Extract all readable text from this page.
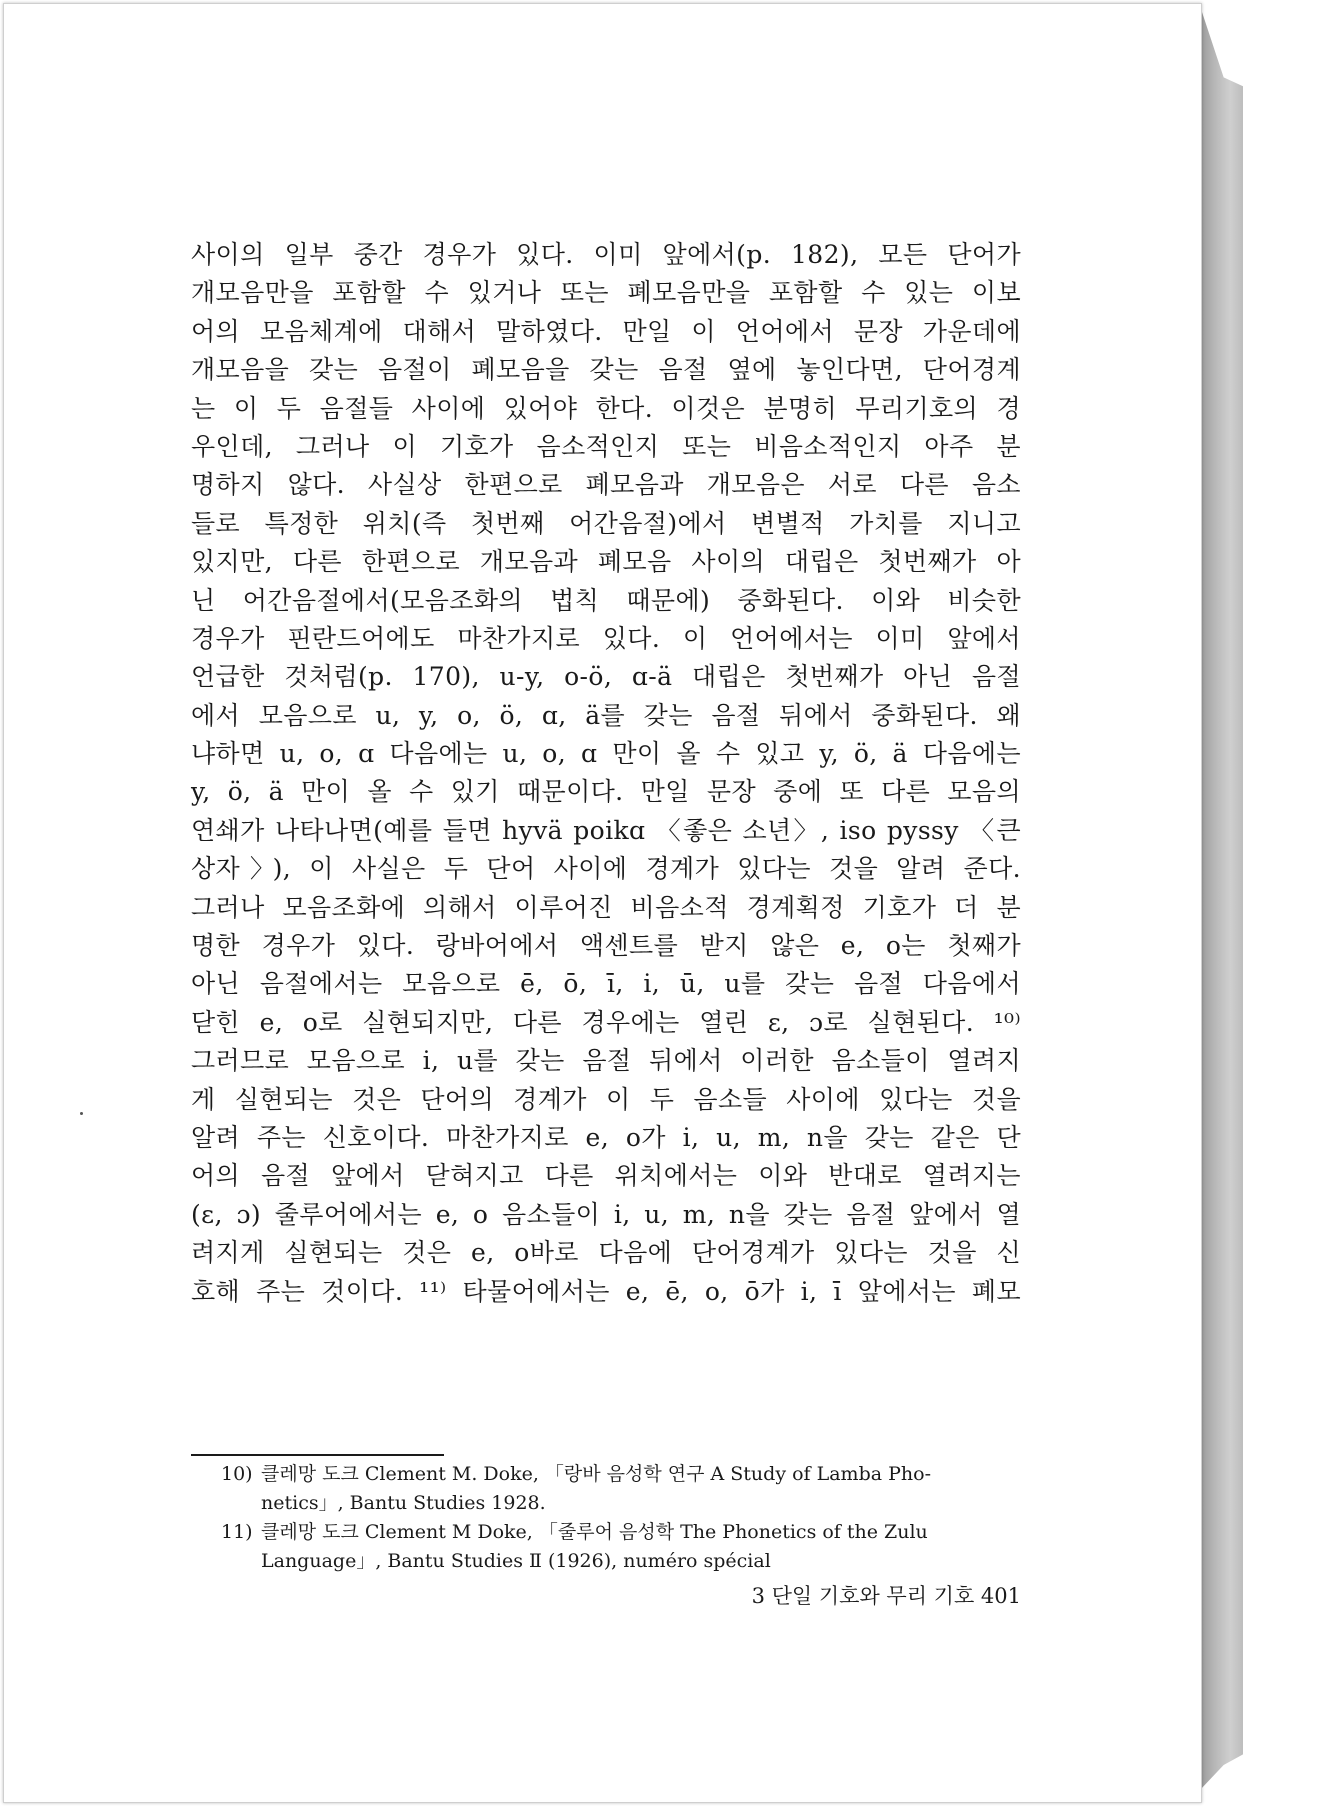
사이의 일부 중간 경우가 있다. 이미 앞에서(p. 182), 모든 단어가
개모음만을 포함할 수 있거나 또는 폐모음만을 포함할 수 있는 이보
어의 모음체계에 대해서 말하였다. 만일 이 언어에서 문장 가운데에
개모음을 갖는 음절이 폐모음을 갖는 음절 옆에 놓인다면, 단어경계
는 이 두 음절들 사이에 있어야 한다. 이것은 분명히 무리기호의 경
우인데, 그러나 이 기호가 음소적인지 또는 비음소적인지 아주 분
명하지 않다. 사실상 한편으로 폐모음과 개모음은 서로 다른 음소
들로 특정한 위치(즉 첫번째 어간음절)에서 변별적 가치를 지니고
있지만, 다른 한편으로 개모음과 폐모음 사이의 대립은 첫번째가 아
닌 어간음절에서(모음조화의 법칙 때문에) 중화된다. 이와 비슷한
경우가 핀란드어에도 마찬가지로 있다. 이 언어에서는 이미 앞에서
언급한 것처럼(p. 170), u-y, o-ö, ɑ-ä 대립은 첫번째가 아닌 음절
에서 모음으로 u, y, o, ö, ɑ, ä를 갖는 음절 뒤에서 중화된다. 왜
냐하면 u, o, ɑ 다음에는 u, o, ɑ 만이 올 수 있고 y, ö, ä 다음에는
y, ö, ä 만이 올 수 있기 때문이다. 만일 문장 중에 또 다른 모음의
연쇄가 나타나면(예를 들면 hyvä poikɑ 〈좋은 소년〉, iso pyssy 〈큰
상자〉), 이 사실은 두 단어 사이에 경계가 있다는 것을 알려 준다.
그러나 모음조화에 의해서 이루어진 비음소적 경계획정 기호가 더 분
명한 경우가 있다. 랑바어에서 액센트를 받지 않은 e, o는 첫째가
아닌 음절에서는 모음으로 ē, ō, ī, i, ū, u를 갖는 음절 다음에서
닫힌 e, o로 실현되지만, 다른 경우에는 열린 ɛ, ɔ로 실현된다. ¹⁰⁾
그러므로 모음으로 i, u를 갖는 음절 뒤에서 이러한 음소들이 열려지
게 실현되는 것은 단어의 경계가 이 두 음소들 사이에 있다는 것을
알려 주는 신호이다. 마찬가지로 e, o가 i, u, m, n을 갖는 같은 단
어의 음절 앞에서 닫혀지고 다른 위치에서는 이와 반대로 열려지는
(ɛ, ɔ) 줄루어에서는 e, o 음소들이 i, u, m, n을 갖는 음절 앞에서 열
려지게 실현되는 것은 e, o바로 다음에 단어경계가 있다는 것을 신
호해 주는 것이다. ¹¹⁾ 타물어에서는 e, ē, o, ō가 i, ī 앞에서는 폐모
10) 클레망 도크 Clement M. Doke, 「랑바 음성학 연구 A Study of Lamba Pho-
netics」, Bantu Studies 1928.
11) 클레망 도크 Clement M Doke, 「줄루어 음성학 The Phonetics of the Zulu
Language」, Bantu Studies Ⅱ (1926), numéro spécial
3 단일 기호와 무리 기호 401
